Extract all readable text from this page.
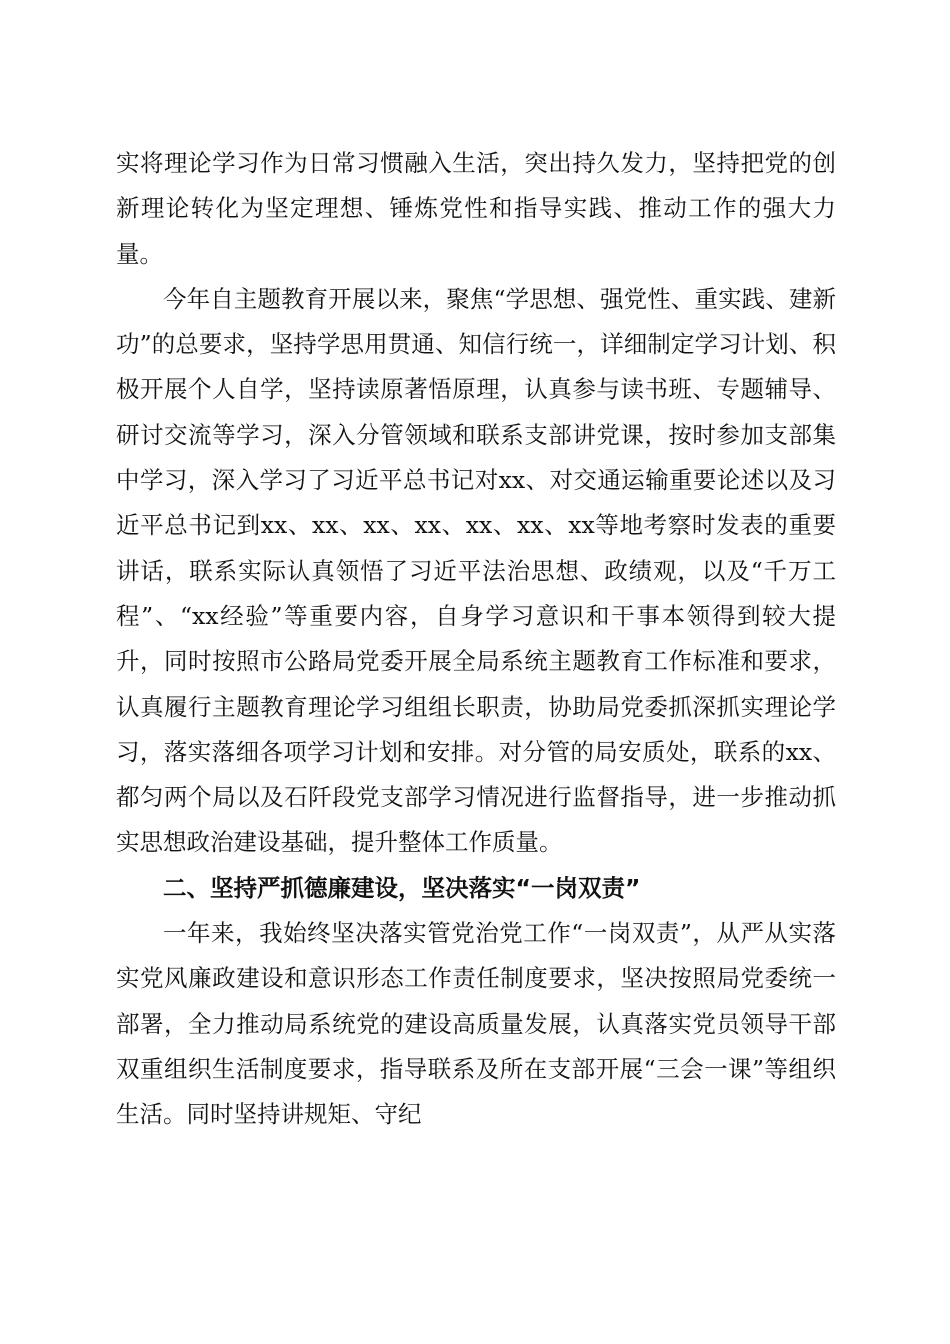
实将理论学习作为日常习惯融入生活，突出持久发力，坚持把党的创新理论转化为坚定理想、锤炼党性和指导实践、推动工作的强大力量。

今年自主题教育开展以来，聚焦“学思想、强党性、重实践、建新功”的总要求，坚持学思用贯通、知信行统一，详细制定学习计划、积极开展个人自学，坚持读原著悟原理，认真参与读书班、专题辅导、研讨交流等学习，深入分管领域和联系支部讲党课，按时参加支部集中学习，深入学习了习近平总书记对xx、对交通运输重要论述以及习近平总书记到xx、xx、xx、xx、xx、xx、xx等地考察时发表的重要讲话，联系实际认真领悟了习近平法治思想、政绩观，以及“千万工程”、“xx经验”等重要内容，自身学习意识和干事本领得到较大提升，同时按照市公路局党委开展全局系统主题教育工作标准和要求，认真履行主题教育理论学习组组长职责，协助局党委抓深抓实理论学习，落实落细各项学习计划和安排。对分管的局安质处，联系的xx、都匀两个局以及石阡段党支部学习情况进行监督指导，进一步推动抓实思想政治建设基础，提升整体工作质量。

二、坚持严抓德廉建设，坚决落实“一岗双责”

一年来，我始终坚决落实管党治党工作“一岗双责”，从严从实落实党风廉政建设和意识形态工作责任制度要求，坚决按照局党委统一部署，全力推动局系统党的建设高质量发展，认真落实党员领导干部双重组织生活制度要求，指导联系及所在支部开展“三会一课”等组织生活。同时坚持讲规矩、守纪
